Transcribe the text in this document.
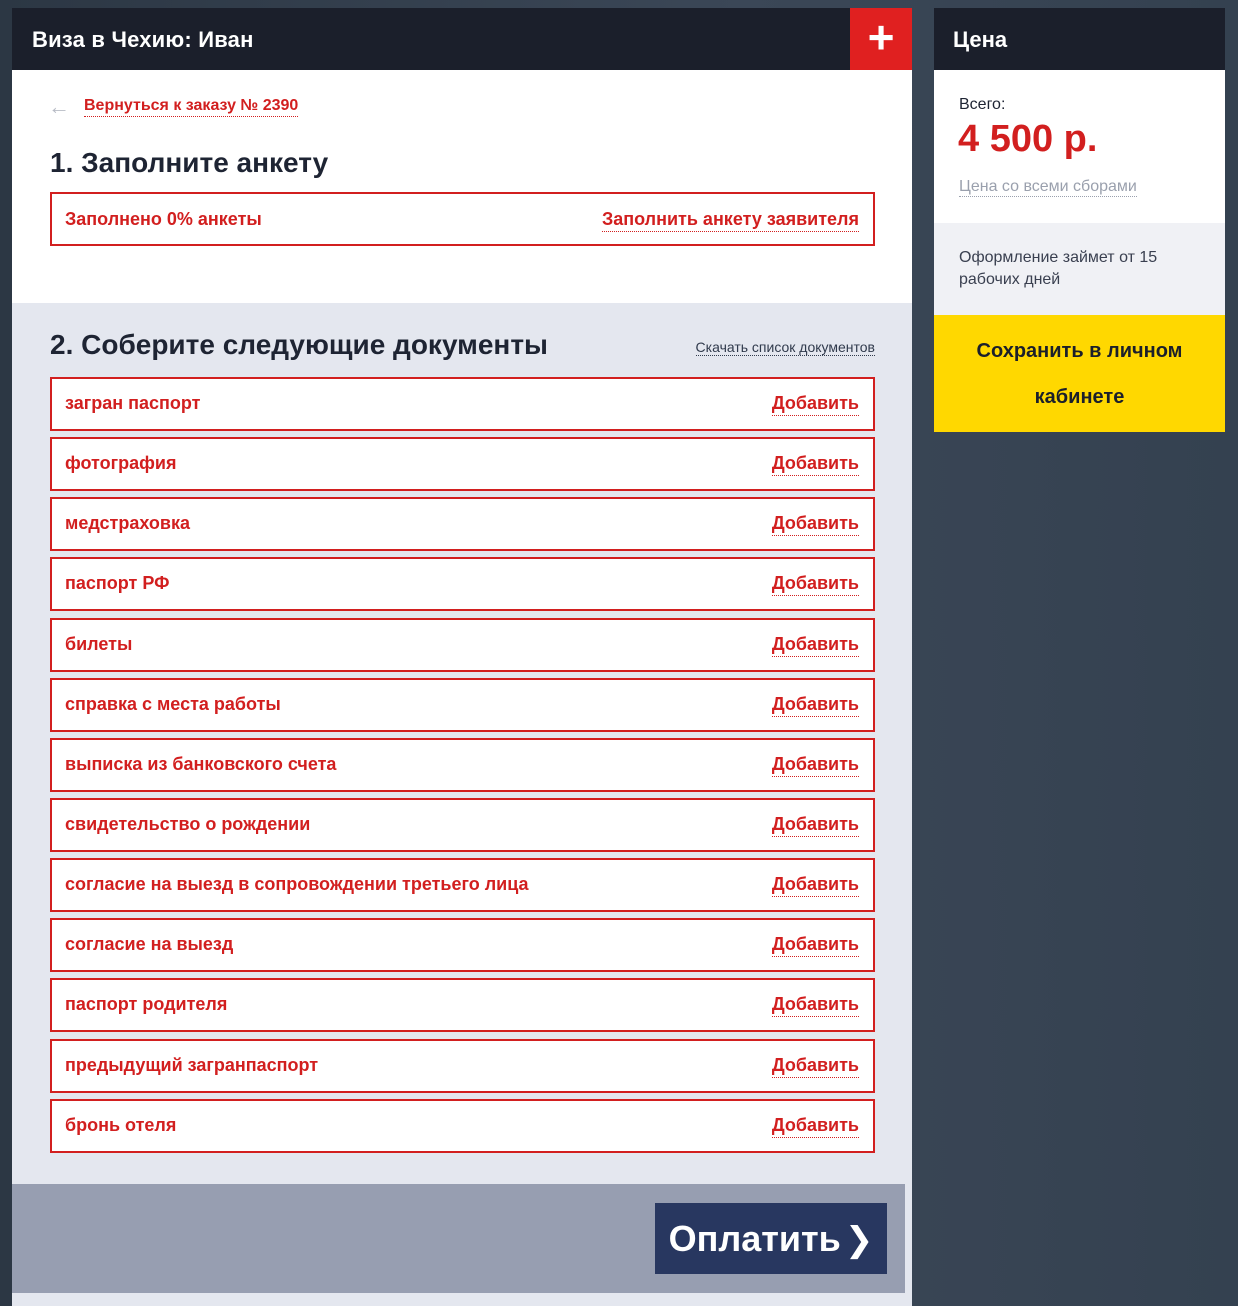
Виза в Чехию: Иван	+
← Вернуться к заказу № 2390
1. Заполните анкету
Заполнено 0% анкеты	Заполнить анкету заявителя
2. Соберите следующие документы	Скачать список документов
загран паспорт	Добавить
фотография	Добавить
медстраховка	Добавить
паспорт РФ	Добавить
билеты	Добавить
справка с места работы	Добавить
выписка из банковского счета	Добавить
свидетельство о рождении	Добавить
согласие на выезд в сопровождении третьего лица	Добавить
согласие на выезд	Добавить
паспорт родителя	Добавить
предыдущий загранпаспорт	Добавить
бронь отеля	Добавить
Оплатить ❯
Цена
Всего:
4 500 р.
Цена со всеми сборами
Оформление займет от 15 рабочих дней
Сохранить в личном кабинете
